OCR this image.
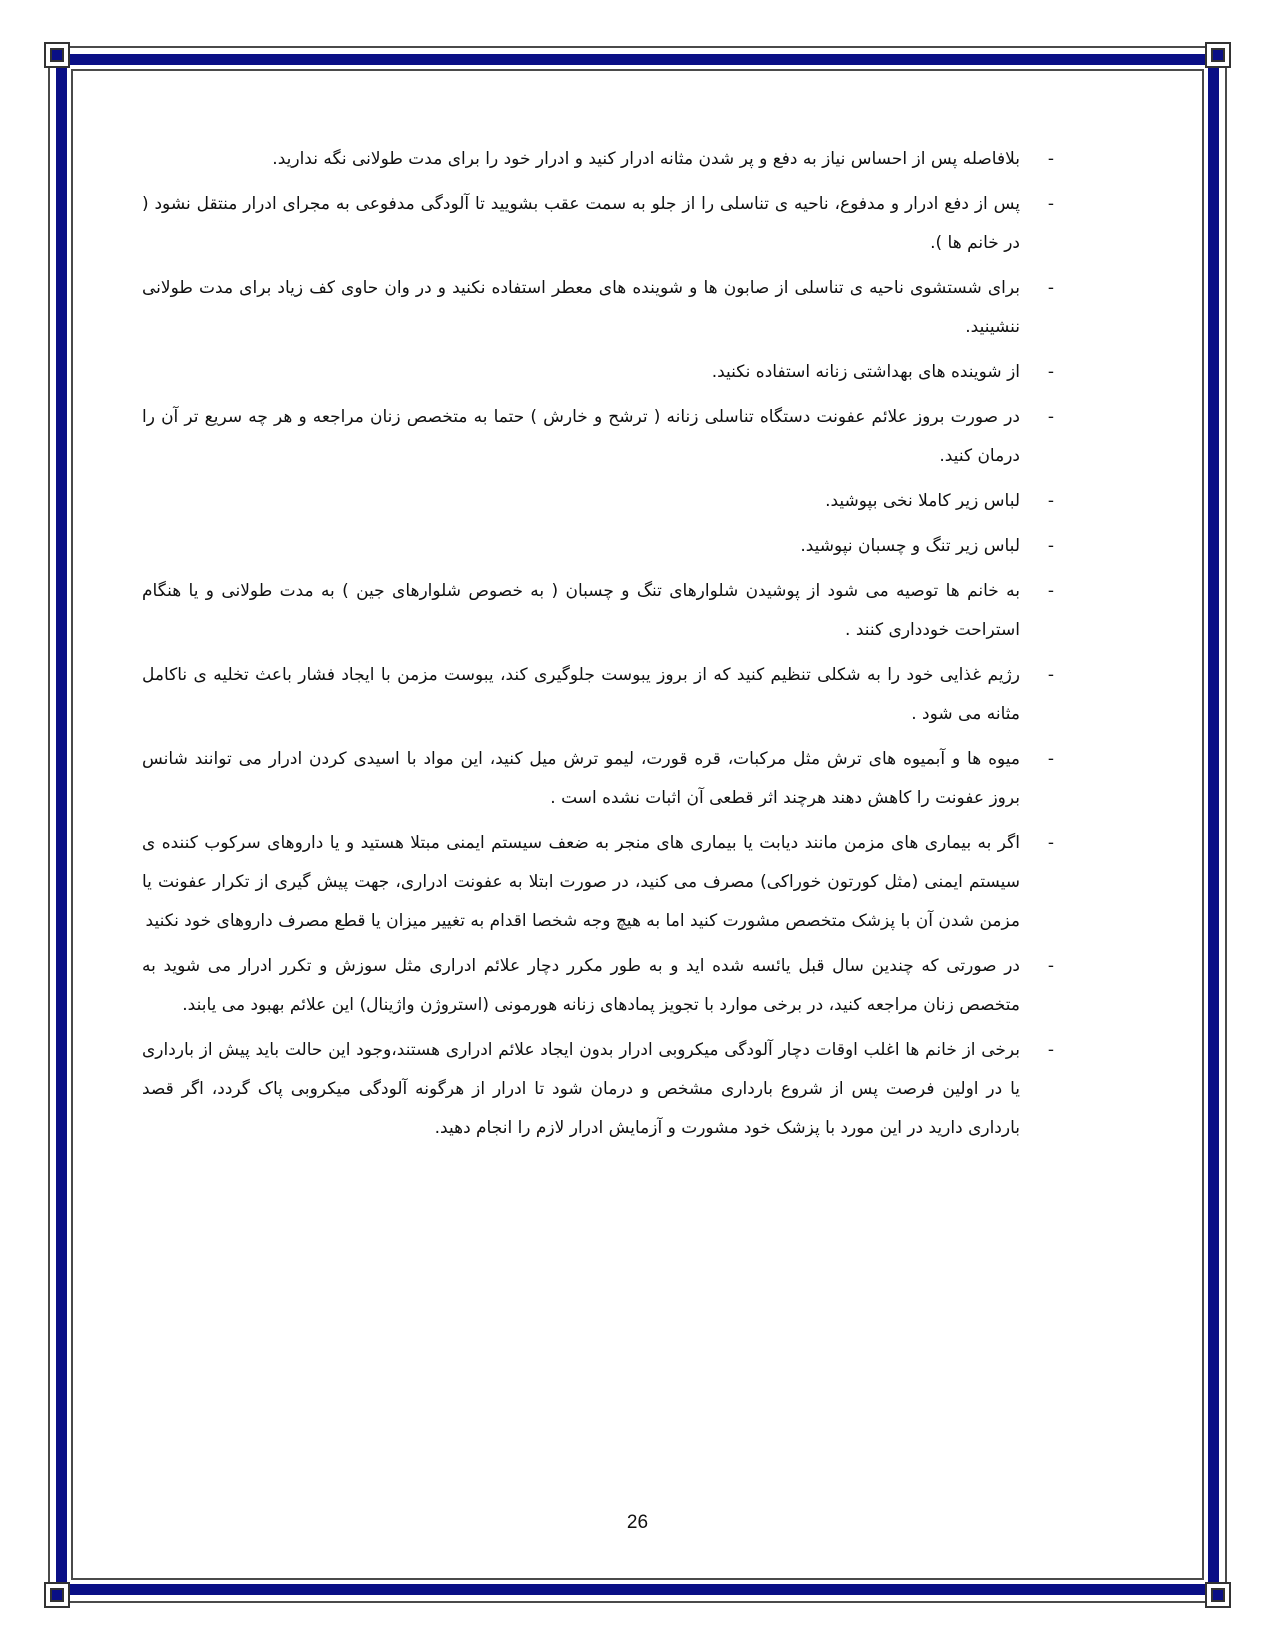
-
بلافاصله پس از احساس نیاز به دفع و پر شدن مثانه ادرار کنید و ادرار خود را برای مدت طولانی نگه ندارید.
-
پس از دفع ادرار و مدفوع، ناحیه ی تناسلی را از جلو به سمت عقب بشویید تا آلودگی مدفوعی به مجرای ادرار منتقل نشود ( در خانم ها ).
-
برای شستشوی ناحیه ی تناسلی از صابون ها و شوینده های معطر استفاده نکنید و در وان حاوی کف زیاد برای مدت طولانی ننشینید.
-
از شوینده های بهداشتی زنانه استفاده نکنید.
-
در صورت بروز علائم عفونت دستگاه تناسلی زنانه ( ترشح و خارش ) حتما به متخصص زنان مراجعه و هر چه سریع تر آن را درمان کنید.
-
لباس زیر کاملا نخی بپوشید.
-
لباس زیر تنگ و چسبان نپوشید.
-
به خانم ها توصیه می شود از پوشیدن شلوارهای تنگ و چسبان ( به خصوص شلوارهای جین ) به مدت طولانی و یا هنگام استراحت خودداری کنند .
-
رژیم غذایی خود را به شکلی تنظیم کنید که از بروز یبوست جلوگیری کند، یبوست مزمن با ایجاد فشار باعث تخلیه ی ناکامل مثانه می شود .
-
میوه ها و آبمیوه های ترش مثل مرکبات، قره قورت، لیمو ترش میل کنید، این مواد با اسیدی کردن ادرار می توانند شانس بروز عفونت را کاهش دهند هرچند اثر قطعی آن اثبات نشده است .
-
اگر به بیماری های مزمن مانند دیابت یا بیماری های منجر به ضعف سیستم ایمنی مبتلا هستید و یا داروهای سرکوب کننده ی سیستم ایمنی (مثل کورتون خوراکی) مصرف می کنید، در صورت ابتلا به عفونت ادراری، جهت پیش گیری از تکرار عفونت یا مزمن شدن آن با پزشک متخصص مشورت کنید اما به هیچ وجه شخصا اقدام به تغییر میزان یا قطع مصرف داروهای خود نکنید
-
در صورتی که چندین سال قبل یائسه شده اید و به طور مکرر دچار علائم ادراری مثل سوزش و تکرر ادرار می شوید به متخصص زنان مراجعه کنید، در برخی موارد با تجویز پمادهای زنانه هورمونی (استروژن واژینال) این علائم بهبود می یابند.
-
برخی از خانم ها اغلب اوقات دچار آلودگی میکروبی ادرار بدون ایجاد علائم ادراری هستند،وجود این حالت باید پیش از بارداری یا در اولین فرصت پس از شروع بارداری مشخص و درمان شود تا ادرار از هرگونه آلودگی میکروبی پاک گردد، اگر قصد بارداری دارید در این مورد با پزشک خود مشورت و آزمایش ادرار لازم را انجام دهید.
26
